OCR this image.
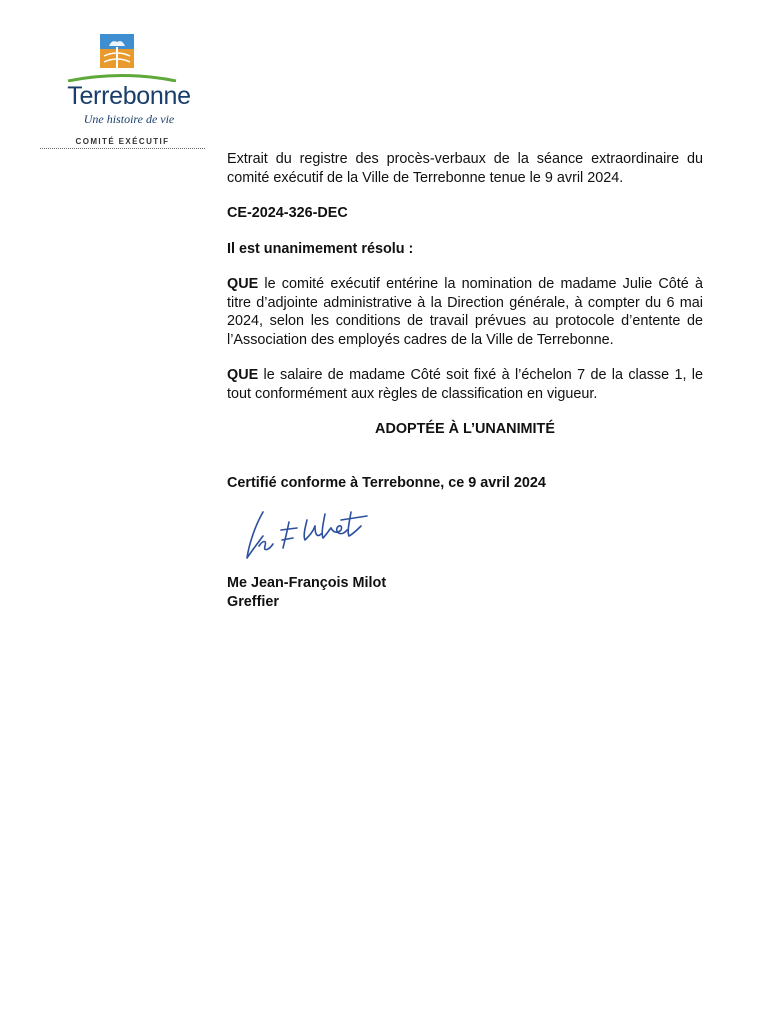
Terrebonne
Une histoire de vie
COMITÉ EXÉCUTIF

Extrait du registre des procès-verbaux de la séance extraordinaire du comité exécutif de la Ville de Terrebonne tenue le 9 avril 2024.

CE-2024-326-DEC

Il est unanimement résolu :

QUE le comité exécutif entérine la nomination de madame Julie Côté à titre d’adjointe administrative à la Direction générale, à compter du 6 mai 2024, selon les conditions de travail prévues au protocole d’entente de l’Association des employés cadres de la Ville de Terrebonne.

QUE le salaire de madame Côté soit fixé à l’échelon 7 de la classe 1, le tout conformément aux règles de classification en vigueur.

ADOPTÉE À L’UNANIMITÉ

Certifié conforme à Terrebonne, ce 9 avril 2024

Me Jean-François Milot

Greffier
